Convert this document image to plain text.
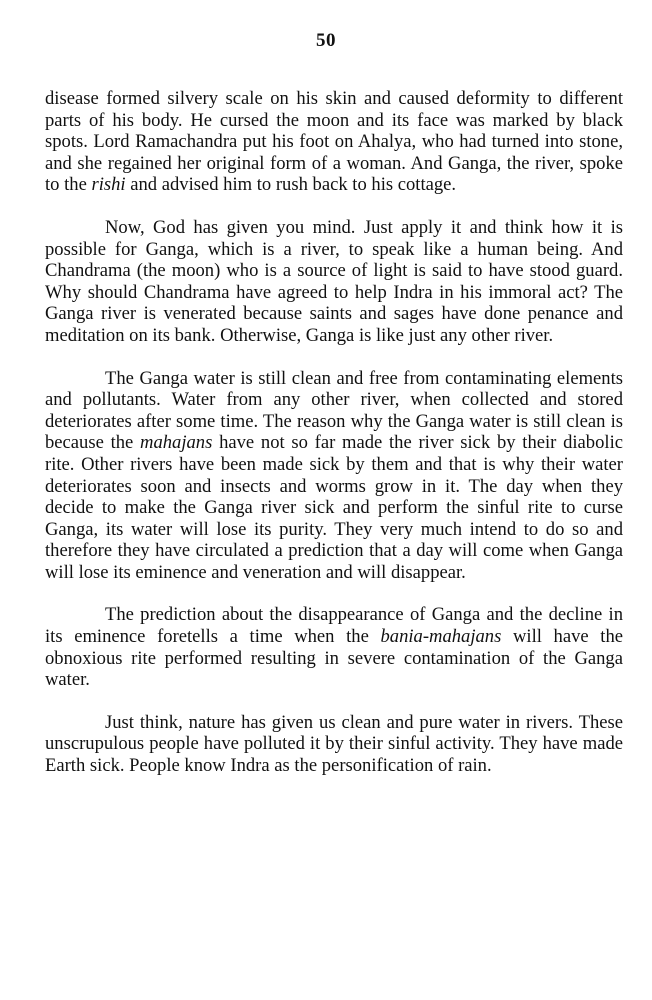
50

disease formed silvery scale on his skin and caused deformity to different parts of his body. He cursed the moon and its face was marked by black spots. Lord Ramachandra put his foot on Ahalya, who had turned into stone, and she regained her original form of a woman. And Ganga, the river, spoke to the rishi and advised him to rush back to his cottage.

Now, God has given you mind. Just apply it and think how it is possible for Ganga, which is a river, to speak like a human being. And Chandrama (the moon) who is a source of light is said to have stood guard. Why should Chandrama have agreed to help Indra in his immoral act? The Ganga river is venerated because saints and sages have done penance and meditation on its bank. Otherwise, Ganga is like just any other river.

The Ganga water is still clean and free from contaminating elements and pollutants. Water from any other river, when collected and stored deteriorates after some time. The reason why the Ganga water is still clean is because the mahajans have not so far made the river sick by their diabolic rite. Other rivers have been made sick by them and that is why their water deteriorates soon and insects and worms grow in it. The day when they decide to make the Ganga river sick and perform the sinful rite to curse Ganga, its water will lose its purity. They very much intend to do so and therefore they have circulated a prediction that a day will come when Ganga will lose its eminence and veneration and will disappear.

The prediction about the disappearance of Ganga and the decline in its eminence foretells a time when the bania-mahajans will have the obnoxious rite performed resulting in severe contamination of the Ganga water.

Just think, nature has given us clean and pure water in rivers. These unscrupulous people have polluted it by their sinful activity. They have made Earth sick. People know Indra as the personification of rain.
